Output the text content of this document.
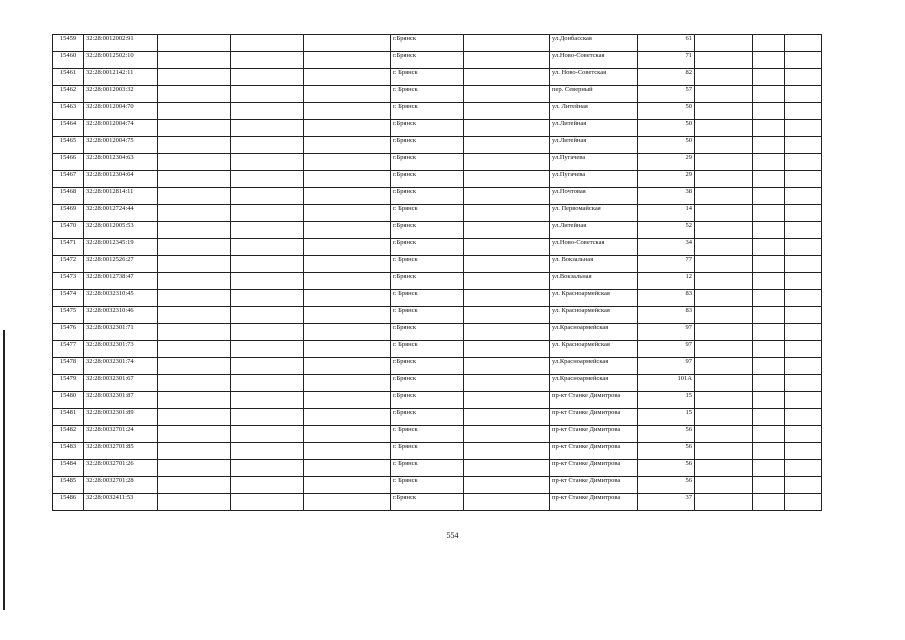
15459	32:28:0012002:91				г.Брянск		ул.Донбасская	61			
15460	32:28:0012502:10				г.Брянск		ул.Ново-Советская	71			
15461	32:28:0012142:11				г. Брянск		ул. Ново-Советская	82			
15462	32:28:0012003:32				г. Брянск		пер. Северный	57			
15463	32:28:0012004:70				г. Брянск		ул. Литейная	50			
15464	32:28:0012004:74				г.Брянск		ул.Литейная	50			
15465	32:28:0012004:75				г.Брянск		ул.Литейная	50			
15466	32:28:0012304:63				г.Брянск		ул.Пугачева	29			
15467	32:28:0012304:64				г.Брянск		ул.Пугачева	29			
15468	32:28:0012814:11				г.Брянск		ул.Почтовая	38			
15469	32:28:0012724:44				г. Брянск		ул. Первомайская	14			
15470	32:28:0012005:53				г.Брянск		ул.Литейная	52			
15471	32:28:0012345:19				г.Брянск		ул.Ново-Советская	34			
15472	32:28:0012526:27				г. Брянск		ул. Вокзальная	77			
15473	32:28:0012738:47				г.Брянск		ул.Вокзальная	12			
15474	32:28:0032310:45				г. Брянск		ул. Красноармейская	83			
15475	32:28:0032310:46				г. Брянск		ул. Красноармейская	83			
15476	32:28:0032301:71				г.Брянск		ул.Красноармейская	97			
15477	32:28:0032301:73				г. Брянск		ул. Красноармейская	97			
15478	32:28:0032301:74				г.Брянск		ул.Красноармейская	97			
15479	32:28:0032301:67				г.Брянск		ул.Красноармейская	101А			
15480	32:28:0032301:87				г.Брянск		пр-кт Станке Димитрова	15			
15481	32:28:0032301:89				г.Брянск		пр-кт Станке Димитрова	15			
15482	32:28:0032701:24				г. Брянск		пр-кт Станке Димитрова	56			
15483	32:28:0032701:85				г. Брянск		пр-кт Станке Димитрова	56			
15484	32:28:0032701:26				г. Брянск		пр-кт Станке Димитрова	56			
15485	32:28:0032701:28				г. Брянск		пр-кт Станке Димитрова	56			
15486	32:28:0032411:53				г.Брянск		пр-кт Станке Димитрова	37			
554
